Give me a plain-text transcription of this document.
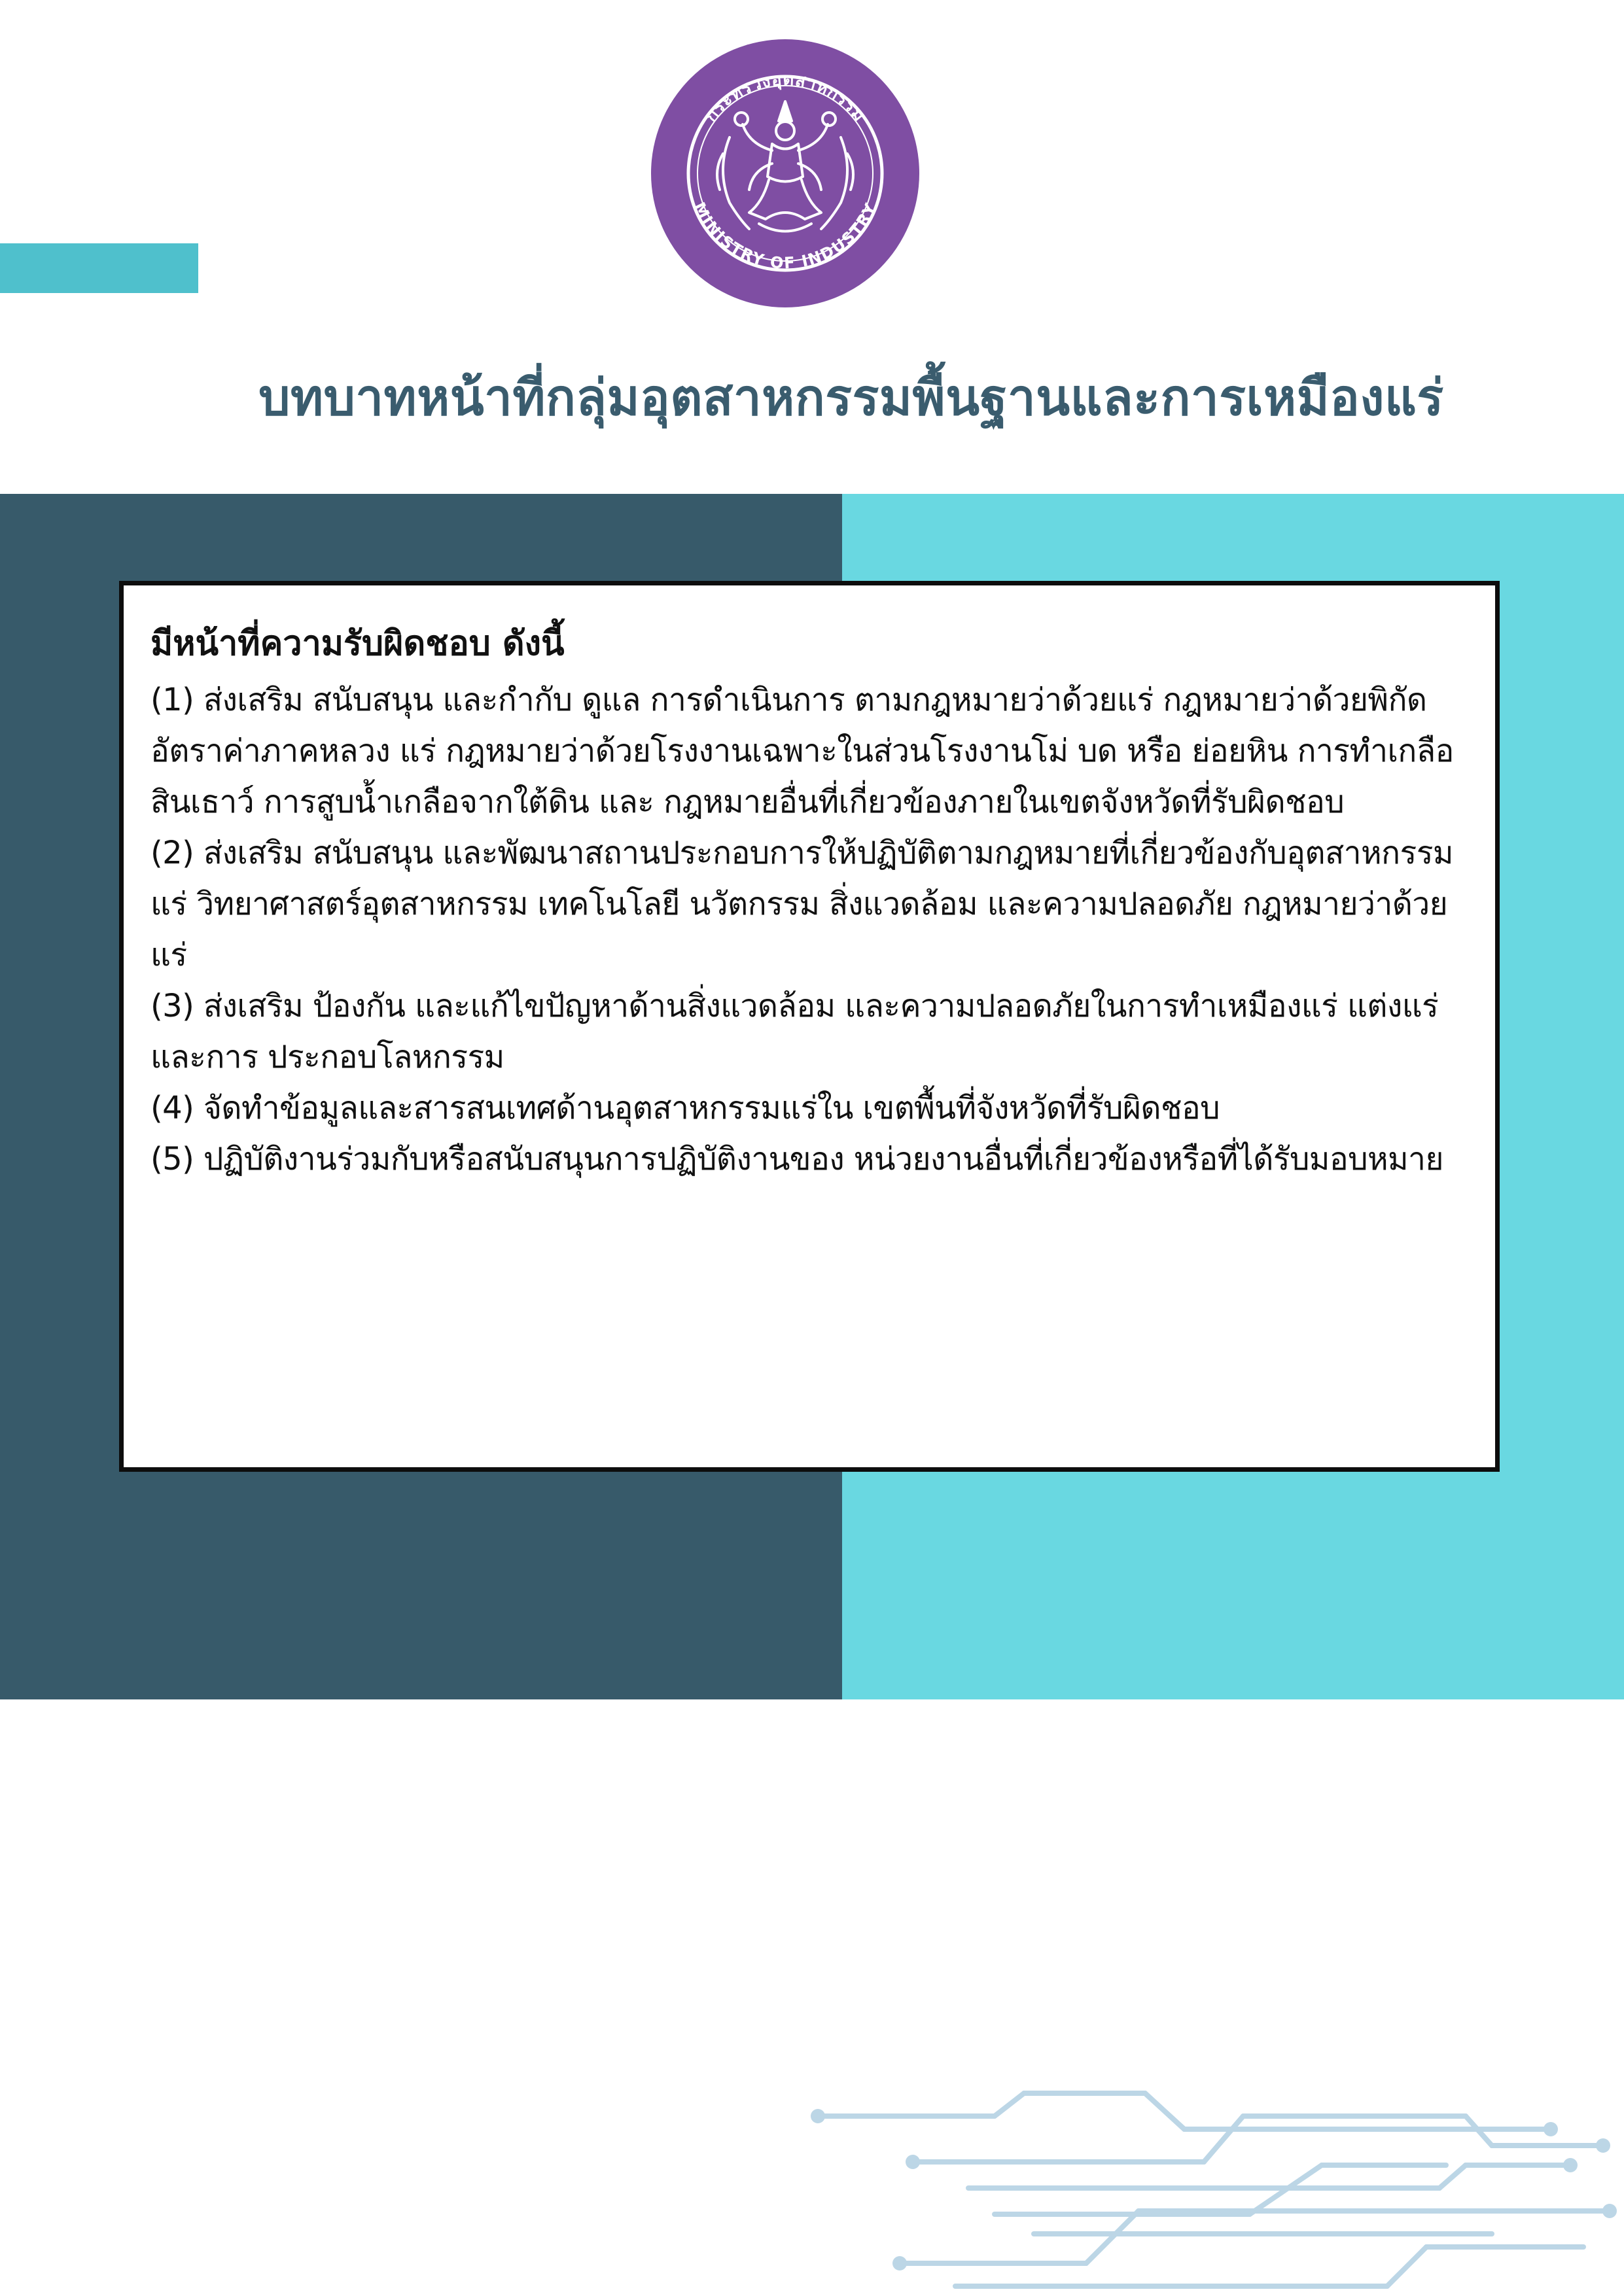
กระทรวงอุตสาหกรรม
MINISTRY OF INDUSTRY
บทบาทหน้าที่กลุ่มอุตสาหกรรมพื้นฐานและการเหมืองแร่

มีหน้าที่ความรับผิดชอบ ดังนี้

(1) ส่งเสริม สนับสนุน และกำกับ ดูแล การดำเนินการ ตามกฎหมายว่าด้วยแร่ กฎหมายว่าด้วยพิกัดอัตราค่าภาคหลวง แร่ กฎหมายว่าด้วยโรงงานเฉพาะในส่วนโรงงานโม่ บด หรือ ย่อยหิน การทำเกลือสินเธาว์ การสูบน้ำเกลือจากใต้ดิน และ กฎหมายอื่นที่เกี่ยวข้องภายในเขตจังหวัดที่รับผิดชอบ

(2) ส่งเสริม สนับสนุน และพัฒนาสถานประกอบการให้ปฏิบัติตามกฎหมายที่เกี่ยวข้องกับอุตสาหกรรมแร่ วิทยาศาสตร์อุตสาหกรรม เทคโนโลยี นวัตกรรม สิ่งแวดล้อม และความปลอดภัย กฎหมายว่าด้วยแร่

(3) ส่งเสริม ป้องกัน และแก้ไขปัญหาด้านสิ่งแวดล้อม และความปลอดภัยในการทำเหมืองแร่ แต่งแร่ และการ ประกอบโลหกรรม

(4) จัดทำข้อมูลและสารสนเทศด้านอุตสาหกรรมแร่ใน เขตพื้นที่จังหวัดที่รับผิดชอบ

(5) ปฏิบัติงานร่วมกับหรือสนับสนุนการปฏิบัติงานของ หน่วยงานอื่นที่เกี่ยวข้องหรือที่ได้รับมอบหมาย
